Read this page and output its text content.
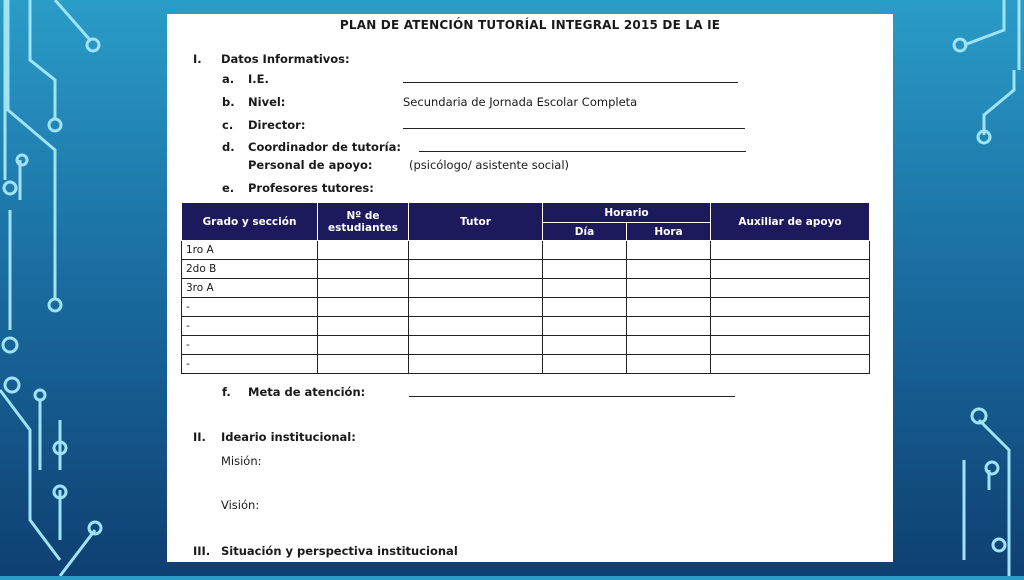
PLAN DE ATENCIÓN TUTORÍAL INTEGRAL 2015 DE LA IE
I. Datos Informativos:
a. I.E.
b. Nivel:	Secundaria de Jornada Escolar Completa
c. Director:
d. Coordinador de tutoría:
Personal de apoyo:	(psicólogo/ asistente social)
e. Profesores tutores:
Grado y sección	Nº de estudiantes	Tutor	Horario		Auxiliar de apoyo
			Día	Hora	
1ro A					
2do B					
3ro A					
-					
-					
-					
-					
f. Meta de atención:
II. Ideario institucional:
Misión:
Visión:
III. Situación y perspectiva institucional
